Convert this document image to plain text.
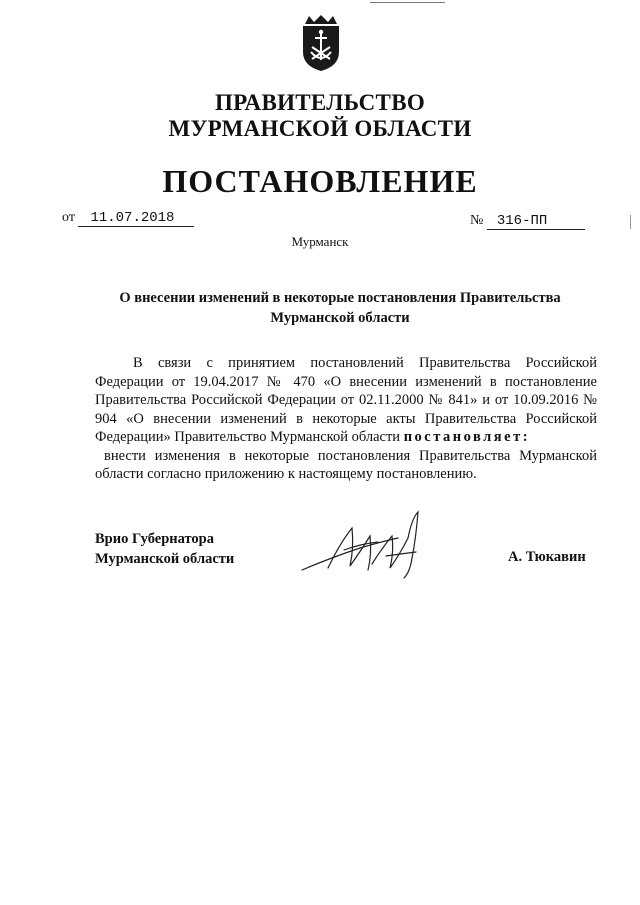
ПРАВИТЕЛЬСТВО
МУРМАНСКОЙ ОБЛАСТИ
ПОСТАНОВЛЕНИЕ
от 11.07.2018	№ 316-ПП
Мурманск
О внесении изменений в некоторые постановления Правительства
Мурманской области

В связи с принятием постановлений Правительства Российской Федерации от 19.04.2017 № 470 «О внесении изменений в постановление Правительства Российской Федерации от 02.11.2000 № 841» и от 10.09.2016 № 904 «О внесении изменений в некоторые акты Правительства Российской Федерации» Правительство Мурманской области постановляет:

внести изменения в некоторые постановления Правительства Мурманской области согласно приложению к настоящему постановлению.

Врио Губернатора
Мурманской области	А. Тюкавин
